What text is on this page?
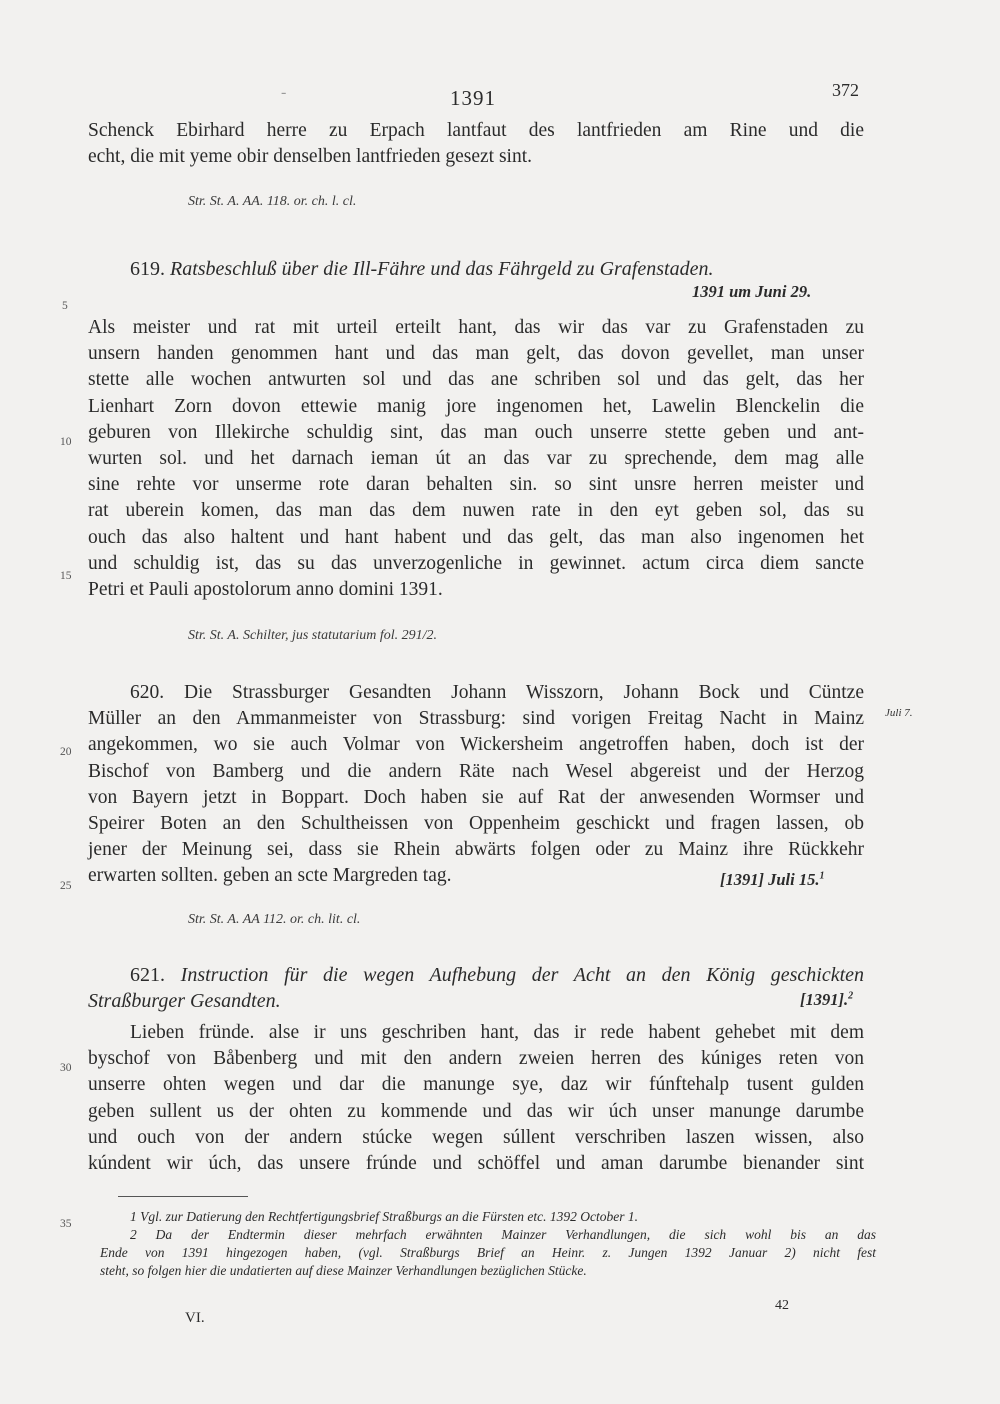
-	1391	372
Schenck Ebirhard herre zu Erpach lantfaut des lantfrieden am Rine und die
echt, die mit yeme obir denselben lantfrieden gesezt sint.
Str. St. A. AA. 118. or. ch. l. cl.
619. Ratsbeschluß über die Ill-Fähre und das Fährgeld zu Grafenstaden.
1391 um Juni 29.
Als meister und rat mit urteil erteilt hant, das wir das var zu Grafenstaden zu
unsern handen genommen hant und das man gelt, das dovon gevellet, man unser
stette alle wochen antwurten sol und das ane schriben sol und das gelt, das her
Lienhart Zorn dovon ettewie manig jore ingenomen het, Lawelin Blenckelin die
geburen von Illekirche schuldig sint, das man ouch unserre stette geben und ant-
wurten sol. und het darnach ieman út an das var zu sprechende, dem mag alle
sine rehte vor unserme rote daran behalten sin. so sint unsre herren meister und
rat uberein komen, das man das dem nuwen rate in den eyt geben sol, das su
ouch das also haltent und hant habent und das gelt, das man also ingenomen het
und schuldig ist, das su das unverzogenliche in gewinnet. actum circa diem sancte
Petri et Pauli apostolorum anno domini 1391.
Str. St. A. Schilter, jus statutarium fol. 291/2.
620. Die Strassburger Gesandten Johann Wisszorn, Johann Bock und Cüntze
Müller an den Ammanmeister von Strassburg: sind vorigen Freitag Nacht in Mainz
angekommen, wo sie auch Volmar von Wickersheim angetroffen haben, doch ist der
Bischof von Bamberg und die andern Räte nach Wesel abgereist und der Herzog
von Bayern jetzt in Boppart. Doch haben sie auf Rat der anwesenden Wormser und
Speirer Boten an den Schultheissen von Oppenheim geschickt und fragen lassen, ob
jener der Meinung sei, dass sie Rhein abwärts folgen oder zu Mainz ihre Rückkehr
erwarten sollten. geben an scte Margreden tag.	[1391] Juli 15.$^1$
Juli 7.
Str. St. A. AA 112. or. ch. lit. cl.
621. Instruction für die wegen Aufhebung der Acht an den König geschickten
Straßburger Gesandten.	[1391].$^2$
Lieben fründe. alse ir uns geschriben hant, das ir rede habent gehebet mit dem
byschof von Båbenberg und mit den andern zweien herren des kúniges reten von
unserre ohten wegen und dar die manunge sye, daz wir fúnftehalp tusent gulden
geben sullent us der ohten zu kommende und das wir úch unser manunge darumbe
und ouch von der andern stúcke wegen súllent verschriben laszen wissen, also
kúndent wir úch, das unsere frúnde und schöffel und aman darumbe bienander sint
5
10
15
20
25
30
35	1 Vgl. zur Datierung den Rechtfertigungsbrief Straßburgs an die Fürsten etc. 1392 October 1.
2 Da der Endtermin dieser mehrfach erwähnten Mainzer Verhandlungen, die sich wohl bis an das
Ende von 1391 hingezogen haben, (vgl. Straßburgs Brief an Heinr. z. Jungen 1392 Januar 2) nicht fest
steht, so folgen hier die undatierten auf diese Mainzer Verhandlungen bezüglichen Stücke.
VI.
42
